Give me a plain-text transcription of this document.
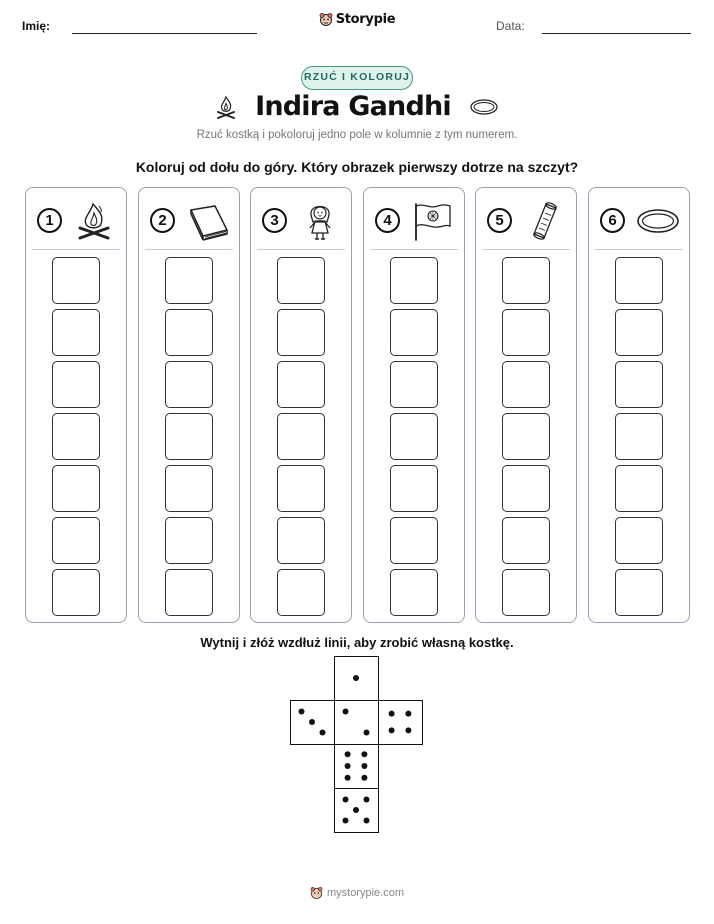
Imię:	Storypie	Data:
RZUĆ I KOLORUJ
Indira Gandhi
Rzuć kostką i pokoloruj jedno pole w kolumnie z tym numerem.
Koloruj od dołu do góry. Który obrazek pierwszy dotrze na szczyt?
1	2	3	4	5	6
Wytnij i złóż wzdłuż linii, aby zrobić własną kostkę.
mystorypie.com
